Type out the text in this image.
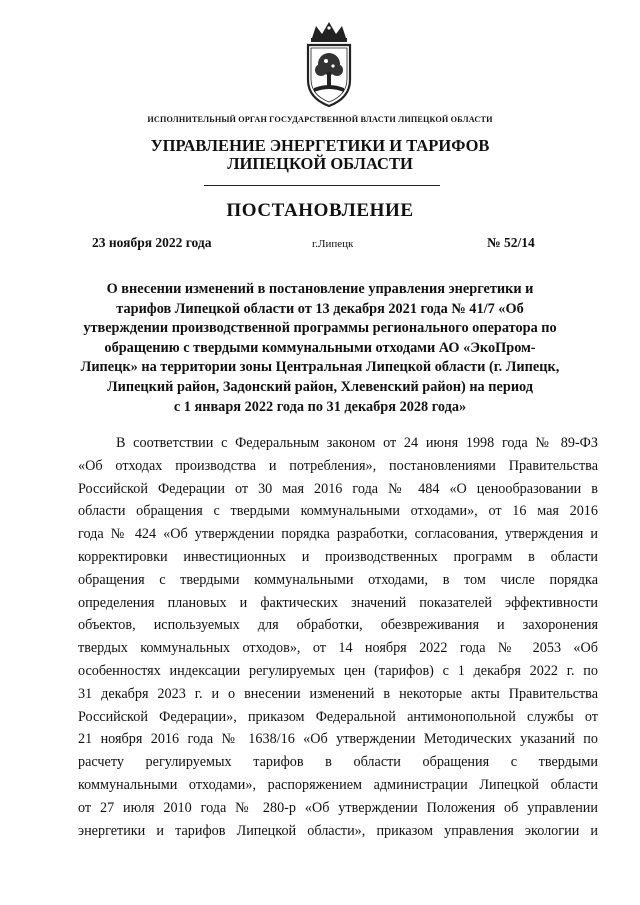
ИСПОЛНИТЕЛЬНЫЙ ОРГАН ГОСУДАРСТВЕННОЙ ВЛАСТИ ЛИПЕЦКОЙ ОБЛАСТИ
УПРАВЛЕНИЕ ЭНЕРГЕТИКИ И ТАРИФОВ
ЛИПЕЦКОЙ ОБЛАСТИ
ПОСТАНОВЛЕНИЕ
23 ноября 2022 года	г.Липецк	№ 52/14
О внесении изменений в постановление управления энергетики и
тарифов Липецкой области от 13 декабря 2021 года № 41/7 «Об
утверждении производственной программы регионального оператора по
обращению с твердыми коммунальными отходами АО «ЭкоПром-
Липецк» на территории зоны Центральная Липецкой области (г. Липецк,
Липецкий район, Задонский район, Хлевенский район) на период
с 1 января 2022 года по 31 декабря 2028 года»
В соответствии с Федеральным законом от 24 июня 1998 года № 89-ФЗ
«Об отходах производства и потребления», постановлениями Правительства
Российской Федерации от 30 мая 2016 года № 484 «О ценообразовании в
области обращения с твердыми коммунальными отходами», от 16 мая 2016
года № 424 «Об утверждении порядка разработки, согласования, утверждения и
корректировки инвестиционных и производственных программ в области
обращения с твердыми коммунальными отходами, в том числе порядка
определения плановых и фактических значений показателей эффективности
объектов, используемых для обработки, обезвреживания и захоронения
твердых коммунальных отходов», от 14 ноября 2022 года № 2053 «Об
особенностях индексации регулируемых цен (тарифов) с 1 декабря 2022 г. по
31 декабря 2023 г. и о внесении изменений в некоторые акты Правительства
Российской Федерации», приказом Федеральной антимонопольной службы от
21 ноября 2016 года № 1638/16 «Об утверждении Методических указаний по
расчету регулируемых тарифов в области обращения с твердыми
коммунальными отходами», распоряжением администрации Липецкой области
от 27 июля 2010 года № 280-р «Об утверждении Положения об управлении
энергетики и тарифов Липецкой области», приказом управления экологии и
